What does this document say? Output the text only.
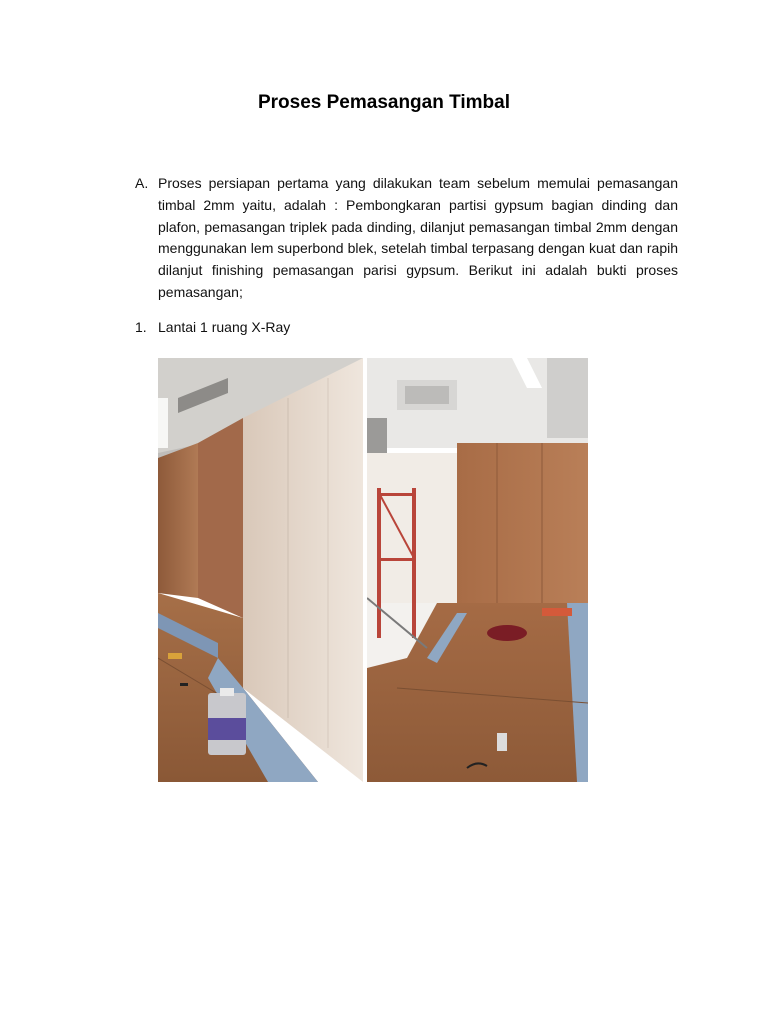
Proses Pemasangan Timbal
A. Proses persiapan pertama yang dilakukan team sebelum memulai pemasangan timbal 2mm yaitu, adalah : Pembongkaran partisi gypsum bagian dinding dan plafon, pemasangan triplek pada dinding, dilanjut pemasangan timbal 2mm dengan menggunakan lem superbond blek, setelah timbal terpasang dengan kuat dan rapih dilanjut finishing pemasangan parisi gypsum. Berikut ini adalah bukti proses pemasangan;
1. Lantai 1 ruang X-Ray
